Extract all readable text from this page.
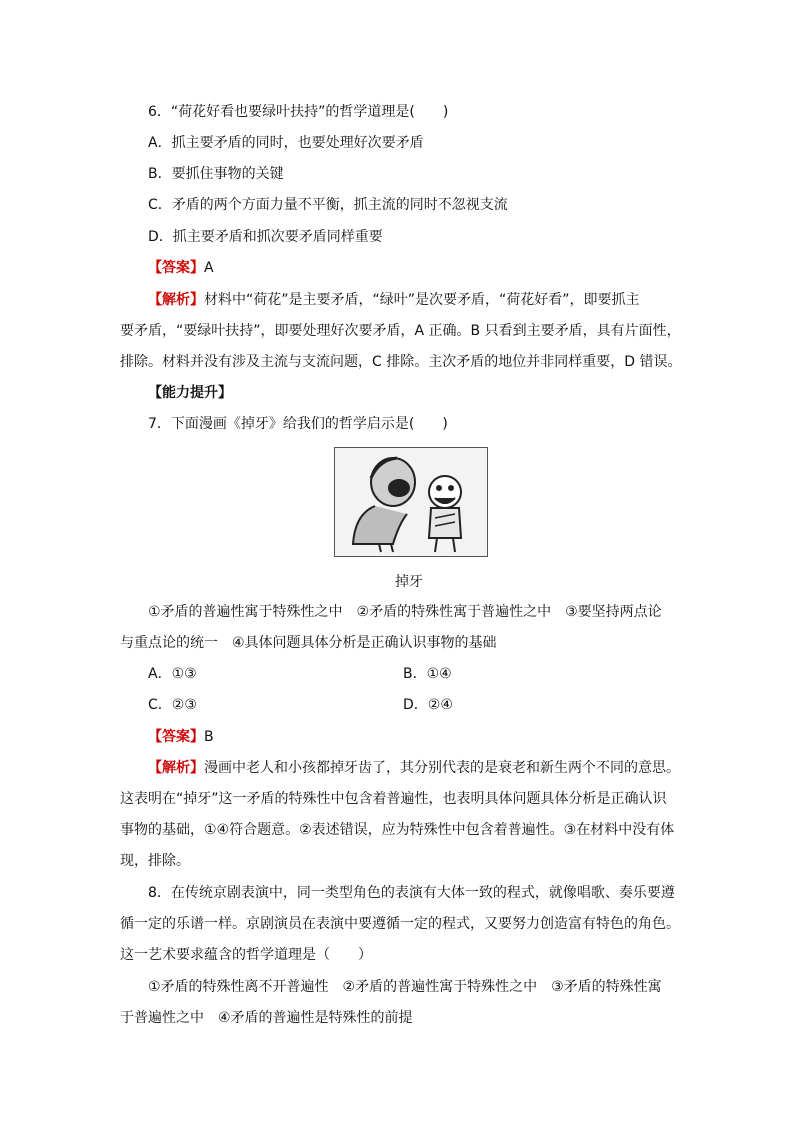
6．“荷花好看也要绿叶扶持”的哲学道理是(　　)
A．抓主要矛盾的同时，也要处理好次要矛盾
B．要抓住事物的关键
C．矛盾的两个方面力量不平衡，抓主流的同时不忽视支流
D．抓主要矛盾和抓次要矛盾同样重要
【答案】A
【解析】材料中“荷花”是主要矛盾，“绿叶”是次要矛盾，“荷花好看”，即要抓主
要矛盾，“要绿叶扶持”，即要处理好次要矛盾，A 正确。B 只看到主要矛盾，具有片面性，
排除。材料并没有涉及主流与支流问题，C 排除。主次矛盾的地位并非同样重要，D 错误。
【能力提升】
7．下面漫画《掉牙》给我们的哲学启示是(　　)
掉牙
①矛盾的普遍性寓于特殊性之中　②矛盾的特殊性寓于普遍性之中　③要坚持两点论
与重点论的统一　④具体问题具体分析是正确认识事物的基础
A．①③	B．①④
C．②③	D．②④
【答案】B
【解析】漫画中老人和小孩都掉牙齿了，其分别代表的是衰老和新生两个不同的意思。
这表明在“掉牙”这一矛盾的特殊性中包含着普遍性，也表明具体问题具体分析是正确认识
事物的基础，①④符合题意。②表述错误，应为特殊性中包含着普遍性。③在材料中没有体
现，排除。
8．在传统京剧表演中，同一类型角色的表演有大体一致的程式，就像唱歌、奏乐要遵
循一定的乐谱一样。京剧演员在表演中要遵循一定的程式，又要努力创造富有特色的角色。
这一艺术要求蕴含的哲学道理是（　　）
①矛盾的特殊性离不开普遍性　②矛盾的普遍性寓于特殊性之中　③矛盾的特殊性寓
于普遍性之中　④矛盾的普遍性是特殊性的前提
